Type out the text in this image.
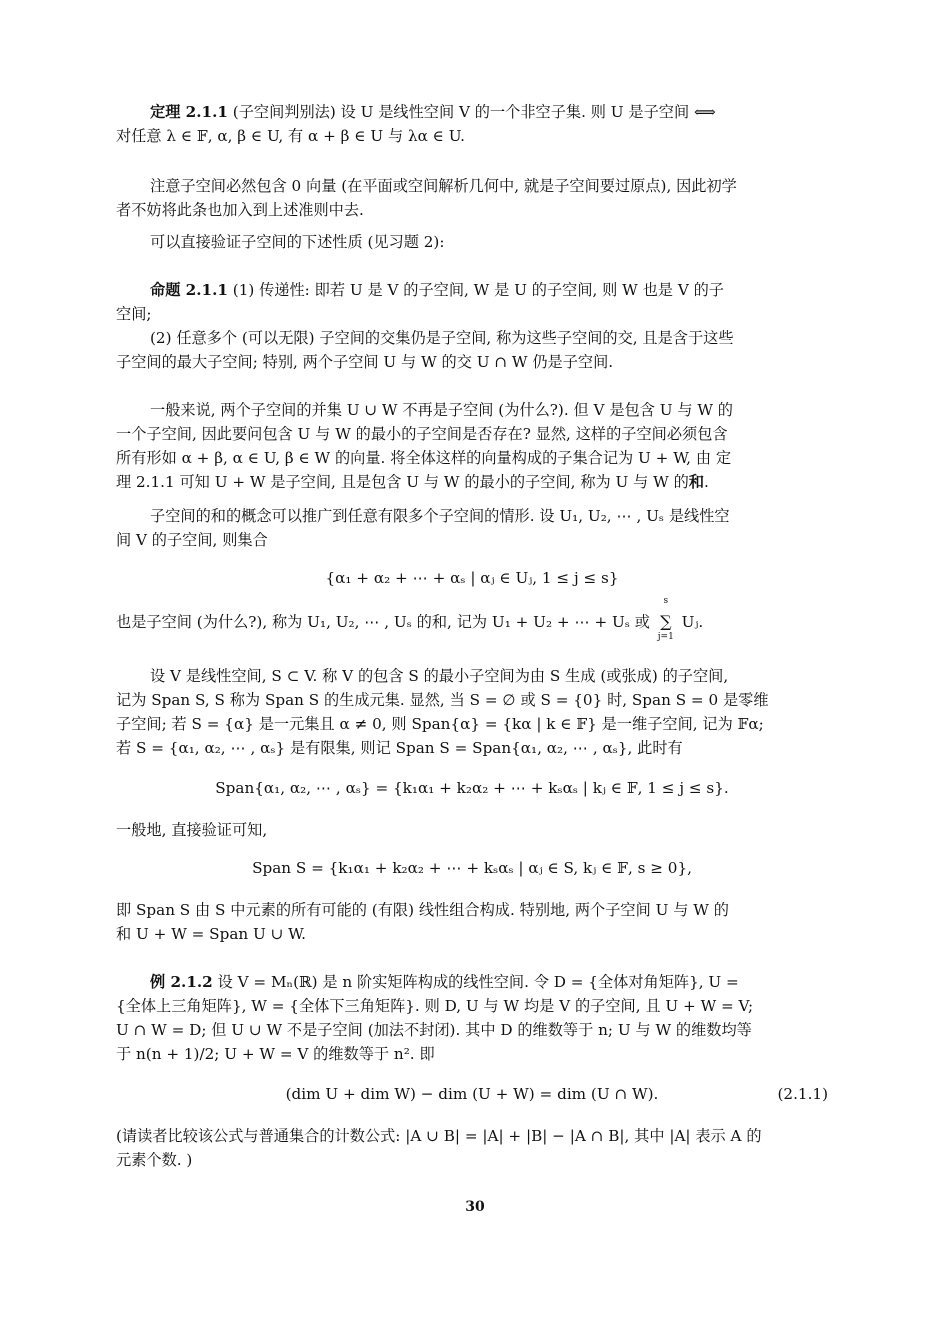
定理 2.1.1 (子空间判别法) 设 U 是线性空间 V 的一个非空子集. 则 U 是子空间 ⟺

对任意 λ ∈ 𝔽, α, β ∈ U, 有 α + β ∈ U 与 λα ∈ U.

注意子空间必然包含 0 向量 (在平面或空间解析几何中, 就是子空间要过原点), 因此初学

者不妨将此条也加入到上述准则中去.

可以直接验证子空间的下述性质 (见习题 2):

命题 2.1.1 (1) 传递性: 即若 U 是 V 的子空间, W 是 U 的子空间, 则 W 也是 V 的子

空间;

(2) 任意多个 (可以无限) 子空间的交集仍是子空间, 称为这些子空间的交, 且是含于这些

子空间的最大子空间; 特别, 两个子空间 U 与 W 的交 U ∩ W 仍是子空间.

一般来说, 两个子空间的并集 U ∪ W 不再是子空间 (为什么?). 但 V 是包含 U 与 W 的

一个子空间, 因此要问包含 U 与 W 的最小的子空间是否存在? 显然, 这样的子空间必须包含

所有形如 α + β, α ∈ U, β ∈ W 的向量. 将全体这样的向量构成的子集合记为 U + W, 由 定

理 2.1.1 可知 U + W 是子空间, 且是包含 U 与 W 的最小的子空间, 称为 U 与 W 的和.

子空间的和的概念可以推广到任意有限多个子空间的情形. 设 U₁, U₂, ⋯ , Uₛ 是线性空

间 V 的子空间, 则集合

{α₁ + α₂ + ⋯ + αₛ | αⱼ ∈ Uⱼ, 1 ≤ j ≤ s}
也是子空间 (为什么?), 称为 U₁, U₂, ⋯ , Uₛ 的和, 记为 U₁ + U₂ + ⋯ + Uₛ 或
s
∑
j=1
Uⱼ.

设 V 是线性空间, S ⊂ V. 称 V 的包含 S 的最小子空间为由 S 生成 (或张成) 的子空间,

记为 Span S, S 称为 Span S 的生成元集. 显然, 当 S = ∅ 或 S = {0} 时, Span S = 0 是零维

子空间; 若 S = {α} 是一元集且 α ≠ 0, 则 Span{α} = {kα | k ∈ 𝔽} 是一维子空间, 记为 𝔽α;

若 S = {α₁, α₂, ⋯ , αₛ} 是有限集, 则记 Span S = Span{α₁, α₂, ⋯ , αₛ}, 此时有

Span{α₁, α₂, ⋯ , αₛ} = {k₁α₁ + k₂α₂ + ⋯ + kₛαₛ | kⱼ ∈ 𝔽, 1 ≤ j ≤ s}.

一般地, 直接验证可知,

Span S = {k₁α₁ + k₂α₂ + ⋯ + kₛαₛ | αⱼ ∈ S, kⱼ ∈ 𝔽, s ≥ 0},

即 Span S 由 S 中元素的所有可能的 (有限) 线性组合构成. 特别地, 两个子空间 U 与 W 的

和 U + W = Span U ∪ W.

例 2.1.2 设 V = Mₙ(ℝ) 是 n 阶实矩阵构成的线性空间. 令 D = {全体对角矩阵}, U =

{全体上三角矩阵}, W = {全体下三角矩阵}. 则 D, U 与 W 均是 V 的子空间, 且 U + W = V;

U ∩ W = D; 但 U ∪ W 不是子空间 (加法不封闭). 其中 D 的维数等于 n; U 与 W 的维数均等

于 n(n + 1)/2; U + W = V 的维数等于 n². 即

(dim U + dim W) − dim (U + W) = dim (U ∩ W).	(2.1.1)

(请读者比较该公式与普通集合的计数公式: |A ∪ B| = |A| + |B| − |A ∩ B|, 其中 |A| 表示 A 的

元素个数. )

30
